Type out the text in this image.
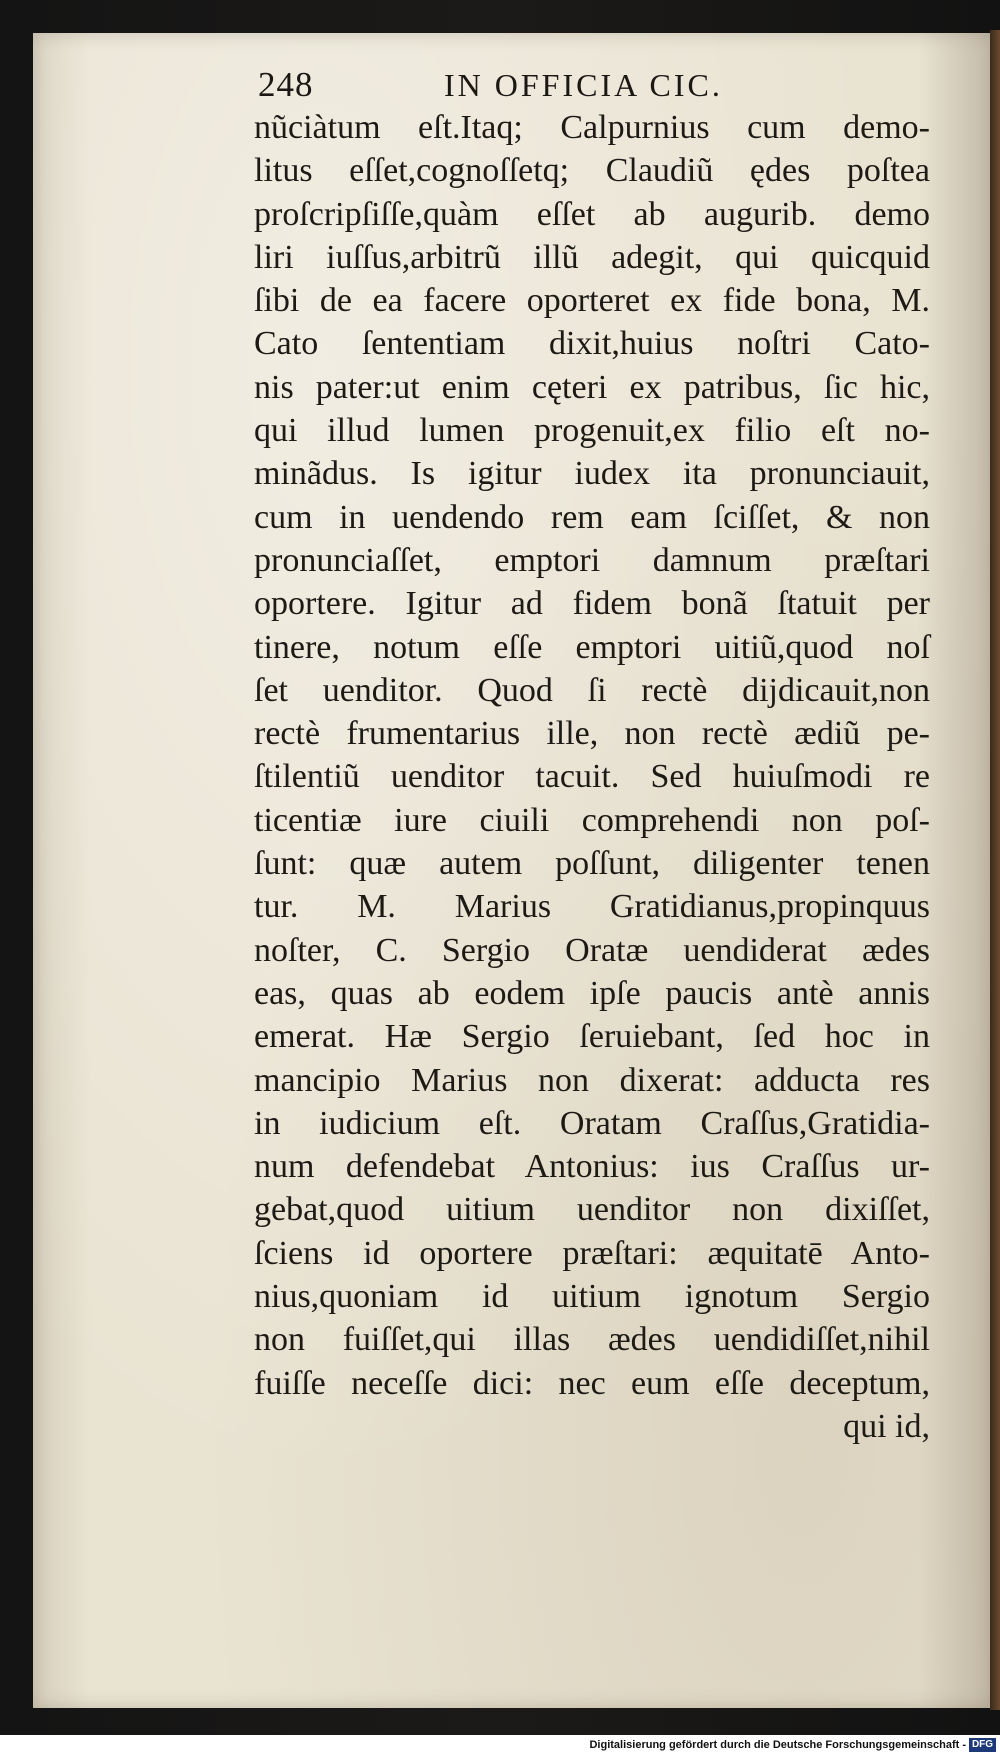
248	IN OFFICIA CIC.
nũciàtum eſt.Itaq; Calpurnius cum demo-
litus eſſet,cognoſſetq; Claudiũ ędes poſtea
proſcripſiſſe,quàm eſſet ab augurib. demo
liri iuſſus,arbitrũ illũ adegit, qui quicquid
ſibi de ea facere oporteret ex fide bona, M.
Cato ſententiam dixit,huius noſtri Cato-
nis pater:ut enim cęteri ex patribus, ſic hic,
qui illud lumen progenuit,ex filio eſt no-
minãdus. Is igitur iudex ita pronunciauit,
cum in uendendo rem eam ſciſſet, & non
pronunciaſſet, emptori damnum præſtari
oportere. Igitur ad fidem bonã ſtatuit per
tinere, notum eſſe emptori uitiũ,quod noſ
ſet uenditor. Quod ſi rectè dijdicauit,non
rectè frumentarius ille, non rectè ædiũ pe-
ſtilentiũ uenditor tacuit. Sed huiuſmodi re
ticentiæ iure ciuili comprehendi non poſ-
ſunt: quæ autem poſſunt, diligenter tenen
tur. M. Marius Gratidianus,propinquus
noſter, C. Sergio Oratæ uendiderat ædes
eas, quas ab eodem ipſe paucis antè annis
emerat. Hæ Sergio ſeruiebant, ſed hoc in
mancipio Marius non dixerat: adducta res
in iudicium eſt. Oratam Craſſus,Gratidia-
num defendebat Antonius: ius Craſſus ur-
gebat,quod uitium uenditor non dixiſſet,
ſciens id oportere præſtari: æquitatē Anto-
nius,quoniam id uitium ignotum Sergio
non fuiſſet,qui illas ædes uendidiſſet,nihil
fuiſſe neceſſe dici: nec eum eſſe deceptum,
qui id,
Digitalisierung gefördert durch die Deutsche Forschungsgemeinschaft - DFG
